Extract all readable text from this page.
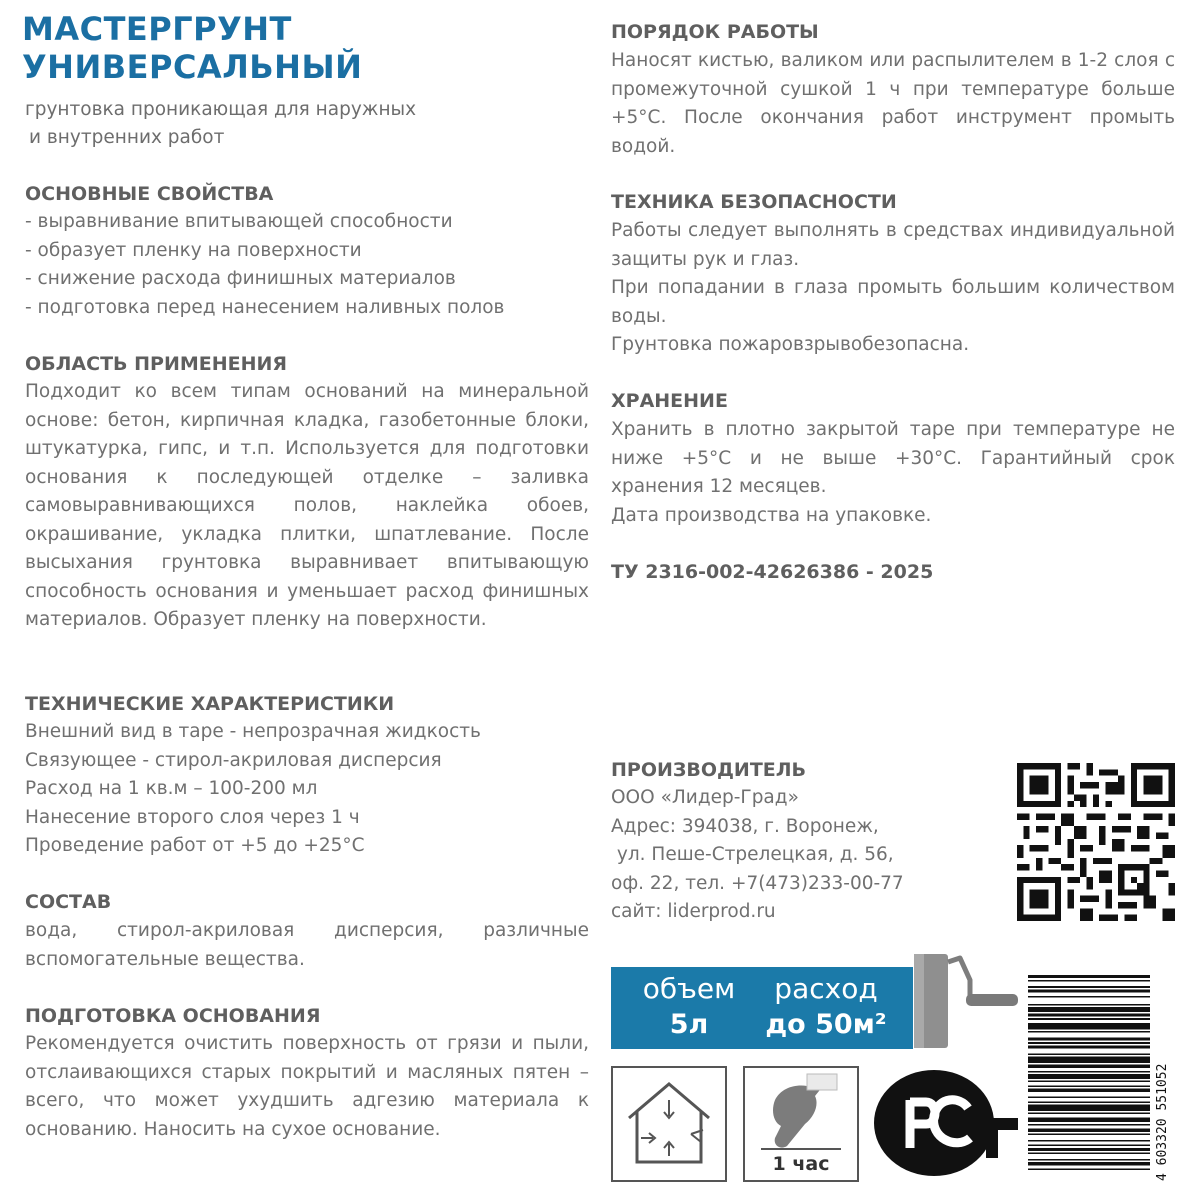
МАСТЕРГРУНТ
УНИВЕРСАЛЬНЫЙ
грунтовка проникающая для наружных
и внутренних работ
ОСНОВНЫЕ СВОЙСТВА
- выравнивание впитывающей способности
- образует пленку на поверхности
- снижение расхода финишных материалов
- подготовка перед нанесением наливных полов
ОБЛАСТЬ ПРИМЕНЕНИЯ
Подходит ко всем типам оснований на минеральной основе: бетон, кирпичная кладка, газобетонные блоки, штукатурка, гипс, и т.п. Используется для подготовки основания к последующей отделке – заливка самовыравнивающихся полов, наклейка обоев, окрашивание, укладка плитки, шпатлевание. После высыхания грунтовка выравнивает впитывающую способность основания и уменьшает расход финишных материалов. Образует пленку на поверхности.
ТЕХНИЧЕСКИЕ ХАРАКТЕРИСТИКИ
Внешний вид в таре - непрозрачная жидкость
Связующее - стирол-акриловая дисперсия
Расход на 1 кв.м – 100-200 мл
Нанесение второго слоя через 1 ч
Проведение работ от +5 до +25°С
СОСТАВ
вода, стирол-акриловая дисперсия, различные вспомогательные вещества.
ПОДГОТОВКА ОСНОВАНИЯ
Рекомендуется очистить поверхность от грязи и пыли, отслаивающихся старых покрытий и масляных пятен – всего, что может ухудшить адгезию материала к основанию. Наносить на сухое основание.
ПОРЯДОК РАБОТЫ
Наносят кистью, валиком или распылителем в 1-2 слоя с промежуточной сушкой 1 ч при температуре больше +5°С. После окончания работ инструмент промыть водой.
ТЕХНИКА БЕЗОПАСНОСТИ
Работы следует выполнять в средствах индивидуальной защиты рук и глаз.
При попадании в глаза промыть большим количеством воды.
Грунтовка пожаровзрывобезопасна.
ХРАНЕНИЕ
Хранить в плотно закрытой таре при температуре не ниже +5°С и не выше +30°С. Гарантийный срок хранения 12 месяцев.
Дата производства на упаковке.
ТУ 2316-002-42626386 - 2025
ПРОИЗВОДИТЕЛЬ
ООО «Лидер-Град»
Адрес: 394038, г. Воронеж,
ул. Пеше-Стрелецкая, д. 56,
оф. 22, тел. +7(473)233-00-77
сайт: liderprod.ru
объем
5л
расход
до 50м²
4 603320 551052
1 час
